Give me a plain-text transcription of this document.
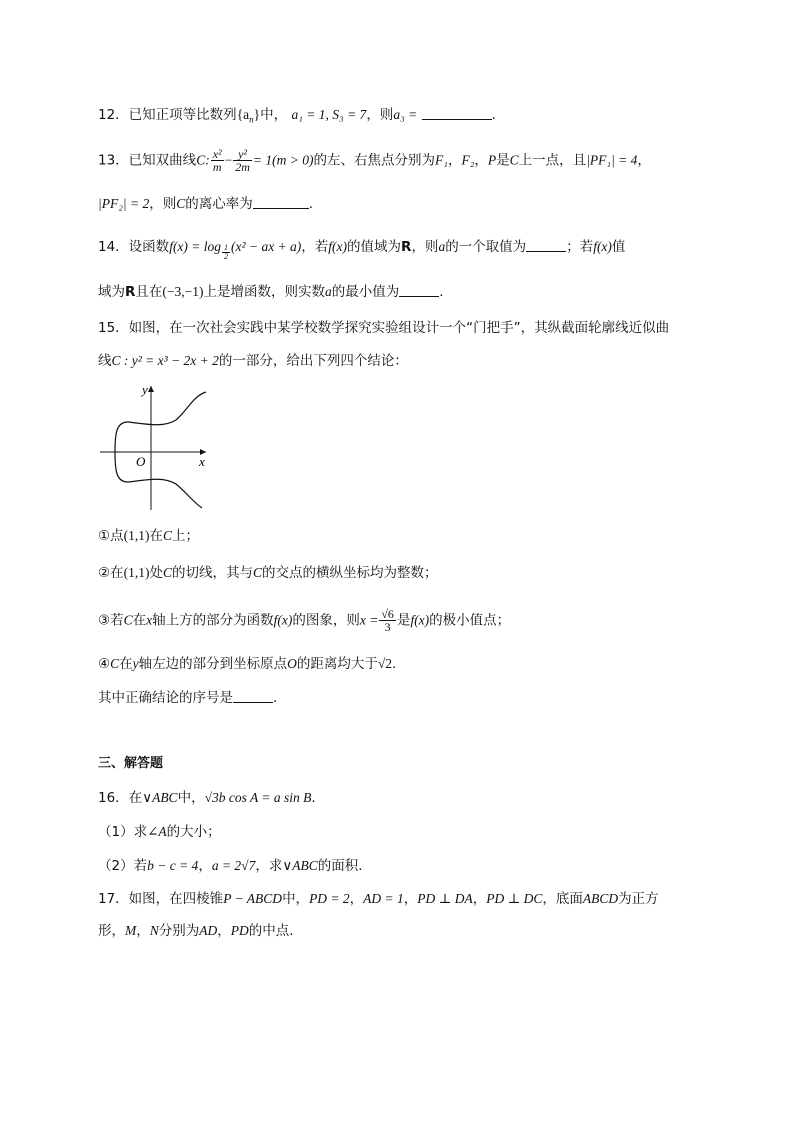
12．已知正项等比数列$\{a_n\}$中， a₁ = 1, S₃ = 7，则a₃ =	.
13．已知双曲线C: $\frac{\text{x²}}{m} - \frac{\text{y²}}{2m} = 1(m > 0)$的左、右焦点分别为F₁，F₂，P是C上一点，且|PF₁| = 4，
|PF₂| = 2，则C的离心率为	.
14．设函数$f(x) = \log \frac{1}{2} (x^2$ − ax + a)，若f(x)的值域为R，则a的一个取值为	；若f(x)值
域为R且在(−3,−1)上是增函数，则实数a的最小值为	.
15．如图，在一次社会实践中某学校数学探究实验组设计一个“门把手”，其纵截面轮廓线近似曲
线C : y² = x³ − 2x + 2的一部分，给出下列四个结论：
y
x
O
①点(1,1)在C上；
②在(1,1)处C的切线，其与C的交点的横纵坐标均为整数；
③若C在x轴上方的部分为函数f(x)的图象，则$x = \frac{√6}{3}$ 是f(x)的极小值点；
④C在y轴左边的部分到坐标原点O的距离均大于√2.
其中正确结论的序号是	.
三、解答题
16．在∨ABC中，√3b cos A = a sin B.
（1）求∠A的大小；
（2）若b − c = 4，a = 2√7，求∨ABC的面积.
17．如图，在四棱锥P − ABCD中，PD = 2，AD = 1，PD ⊥ DA，PD ⊥ DC，底面ABCD为正方
形，M，N分别为AD，PD的中点.
